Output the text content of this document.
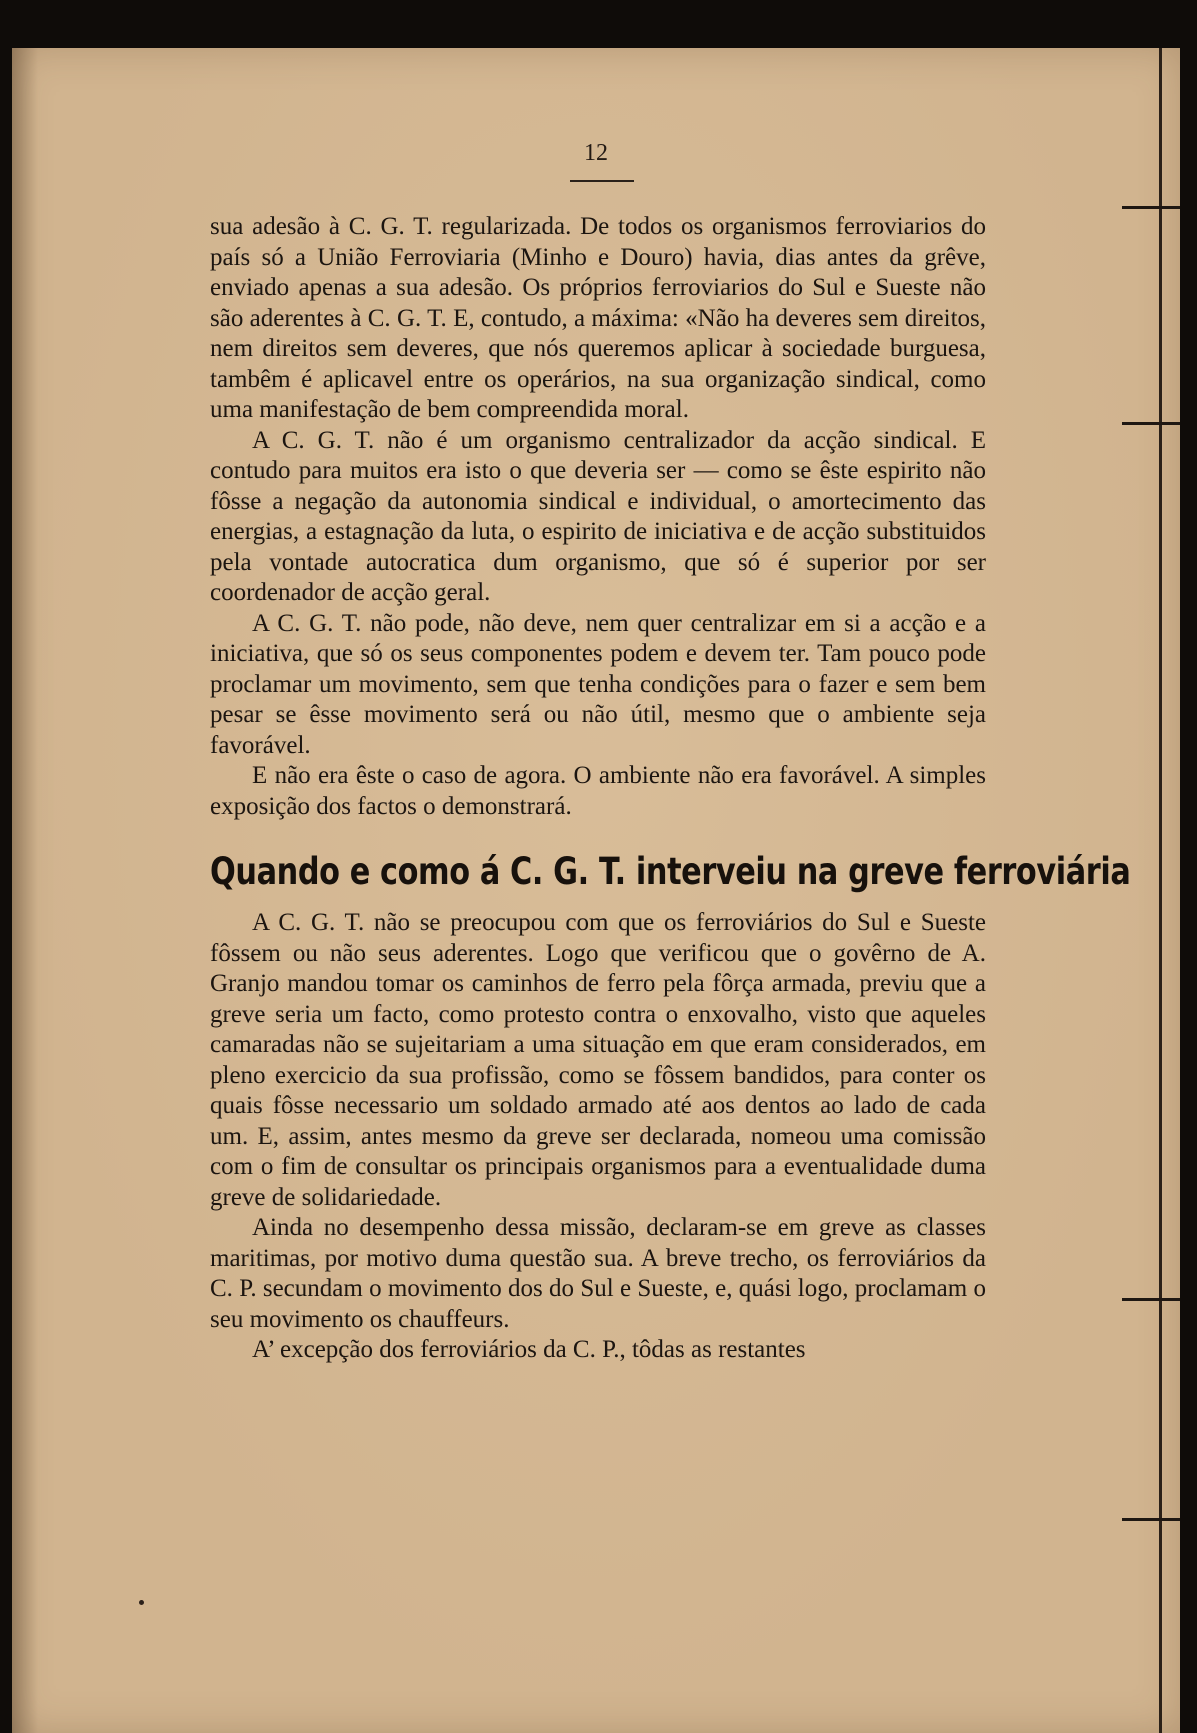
12

sua adesão à C. G. T. regularizada. De todos os organismos ferroviarios do país só a União Ferroviaria (Minho e Douro) havia, dias antes da grêve, enviado apenas a sua adesão. Os próprios ferroviarios do Sul e Sueste não são aderentes à C. G. T. E, contudo, a máxima: «Não ha deveres sem direitos, nem direitos sem deveres, que nós queremos aplicar à sociedade burguesa, tambêm é aplicavel entre os operários, na sua organização sindical, como uma manifestação de bem compreendida moral.

A C. G. T. não é um organismo centralizador da acção sindical. E contudo para muitos era isto o que deveria ser — como se êste espirito não fôsse a negação da autonomia sindical e individual, o amortecimento das energias, a estagnação da luta, o espirito de iniciativa e de acção substituidos pela vontade autocratica dum organismo, que só é superior por ser coordenador de acção geral.

A C. G. T. não pode, não deve, nem quer centralizar em si a acção e a iniciativa, que só os seus componentes podem e devem ter. Tam pouco pode proclamar um movimento, sem que tenha condições para o fazer e sem bem pesar se êsse movimento será ou não útil, mesmo que o ambiente seja favorável.

E não era êste o caso de agora. O ambiente não era favorável. A simples exposição dos factos o demonstrará.

Quando e como á C. G. T. interveiu na greve ferroviária

A C. G. T. não se preocupou com que os ferroviários do Sul e Sueste fôssem ou não seus aderentes. Logo que verificou que o govêrno de A. Granjo mandou tomar os caminhos de ferro pela fôrça armada, previu que a greve seria um facto, como protesto contra o enxovalho, visto que aqueles camaradas não se sujeitariam a uma situação em que eram considerados, em pleno exercicio da sua profissão, como se fôssem bandidos, para conter os quais fôsse necessario um soldado armado até aos dentos ao lado de cada um. E, assim, antes mesmo da greve ser declarada, nomeou uma comissão com o fim de consultar os principais organismos para a eventualidade duma greve de solidariedade.

Ainda no desempenho dessa missão, declaram-se em greve as classes maritimas, por motivo duma questão sua. A breve trecho, os ferroviários da C. P. secundam o movimento dos do Sul e Sueste, e, quási logo, proclamam o seu movimento os chauffeurs.

A’ excepção dos ferroviários da C. P., tôdas as restantes
